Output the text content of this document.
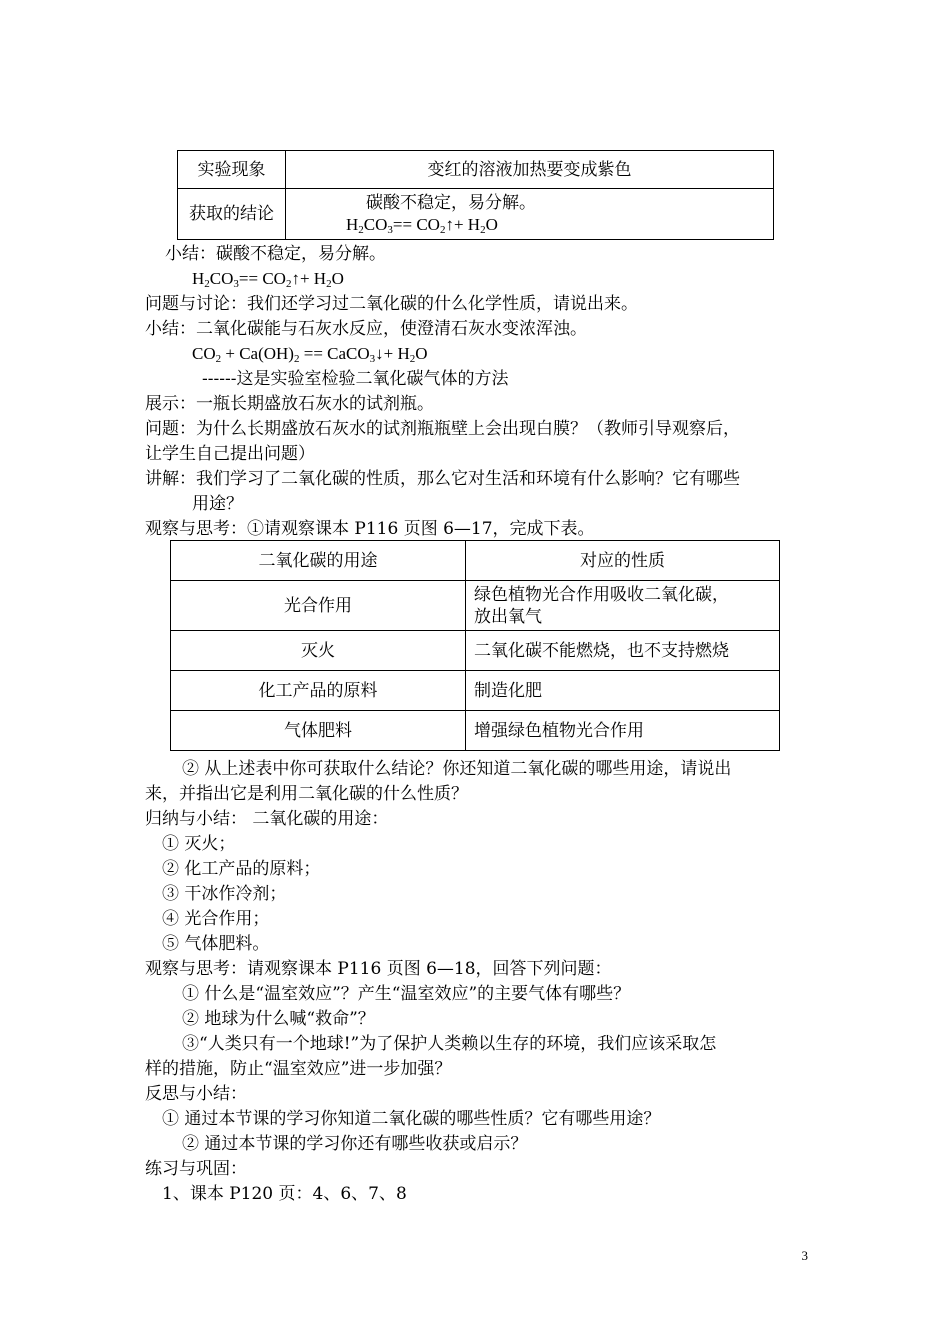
实验现象	变红的溶液加热要变成紫色
获取的结论	碳酸不稳定，易分解。
$H_2CO_3==$ $CO_2↑+ H_2O$
小结：碳酸不稳定，易分解。
$H_2CO_3==$ $CO_2↑+ H_2O$
问题与讨论：我们还学习过二氧化碳的什么化学性质，请说出来。
小结：二氧化碳能与石灰水反应，使澄清石灰水变浓浑浊。
$CO_2 + Ca(OH)_2$ == CaCO$_3$↓+ $H_2O$
------这是实验室检验二氧化碳气体的方法
展示：一瓶长期盛放石灰水的试剂瓶。
问题：为什么长期盛放石灰水的试剂瓶瓶壁上会出现白膜？（教师引导观察后，
让学生自己提出问题）
讲解：我们学习了二氧化碳的性质，那么它对生活和环境有什么影响？它有哪些
用途？
观察与思考：①请观察课本 P116 页图 6—17，完成下表。
二氧化碳的用途	对应的性质
光合作用	绿色植物光合作用吸收二氧化碳，
放出氧气

灭火	二氧化碳不能燃烧，也不支持燃烧
化工产品的原料	制造化肥
气体肥料	增强绿色植物光合作用
② 从上述表中你可获取什么结论？你还知道二氧化碳的哪些用途，请说出
来，并指出它是利用二氧化碳的什么性质？
归纳与小结： 二氧化碳的用途：
① 灭火；
② 化工产品的原料；
③ 干冰作冷剂；
④ 光合作用；
⑤ 气体肥料。
观察与思考：请观察课本 P116 页图 6—18，回答下列问题：
① 什么是“温室效应”？产生“温室效应”的主要气体有哪些？
② 地球为什么喊“救命”？
③“人类只有一个地球!”为了保护人类赖以生存的环境，我们应该采取怎
样的措施，防止“温室效应”进一步加强？
反思与小结：
① 通过本节课的学习你知道二氧化碳的哪些性质？它有哪些用途？
② 通过本节课的学习你还有哪些收获或启示？
练习与巩固：
1、课本 P120 页：4、6、7、8
3
